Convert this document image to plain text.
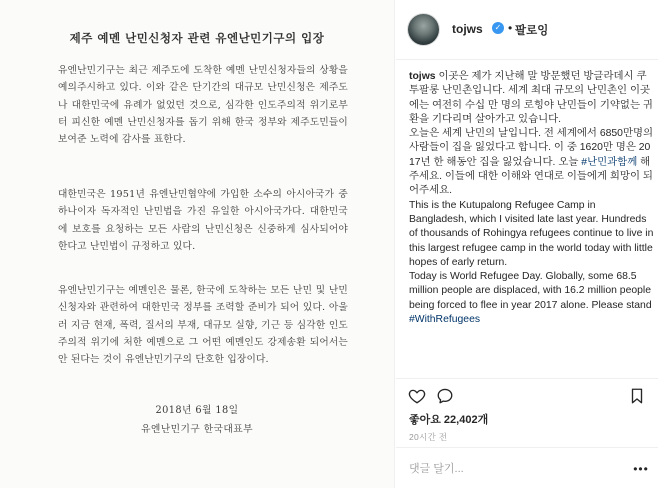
제주 예멘 난민신청자 관련 유엔난민기구의 입장

유엔난민기구는 최근 제주도에 도착한 예멘 난민신청자들의 상황을 예의주시하고 있다. 이와 같은 단기간의 대규모 난민신청은 제주도나 대한민국에 유례가 없었던 것으로, 심각한 인도주의적 위기로부터 피신한 예멘 난민신청자를 돕기 위해 한국 정부와 제주도민들이 보여준 노력에 감사를 표한다.

대한민국은 1951년 유엔난민협약에 가입한 소수의 아시아국가 중 하나이자 독자적인 난민법을 가진 유일한 아시아국가다. 대한민국에 보호를 요청하는 모든 사람의 난민신청은 신중하게 심사되어야 한다고 난민법이 규정하고 있다.

유엔난민기구는 예멘인은 물론, 한국에 도착하는 모든 난민 및 난민신청자와 관련하여 대한민국 정부를 조력할 준비가 되어 있다. 아울러 지금 현재, 폭력, 질서의 부재, 대규모 실향, 기근 등 심각한 인도주의적 위기에 처한 예멘으로 그 어떤 예멘인도 강제송환 되어서는 안 된다는 것이 유엔난민기구의 단호한 입장이다.

2018년 6월 18일
유엔난민기구 한국대표부
tojws	✓ • 팔로잉

tojws 이곳은 제가 지난해 말 방문했던 방글라데시 쿠투팔롱 난민촌입니다. 세계 최대 규모의 난민촌인 이곳에는 여전히 수십 만 명의 로힝야 난민들이 기약없는 귀환을 기다리며 살아가고 있습니다.
오늘은 세계 난민의 날입니다. 전 세계에서 6850만명의 사람들이 집을 잃었다고 합니다. 이 중 1620만 명은 2017년 한 해동안 집을 잃었습니다. 오늘 #난민과함께 해주세요. 이들에 대한 이해와 연대로 이들에게 희망이 되어주세요.
This is the Kutupalong Refugee Camp in Bangladesh, which I visited late last year. Hundreds of thousands of Rohingya refugees continue to live in this largest refugee camp in the world today with little hopes of early return.
Today is World Refugee Day. Globally, some 68.5 million people are displaced, with 16.2 million people being forced to flee in year 2017 alone. Please stand #WithRefugees

좋아요 22,402개
20시간 전
댓글 달기...
•••
